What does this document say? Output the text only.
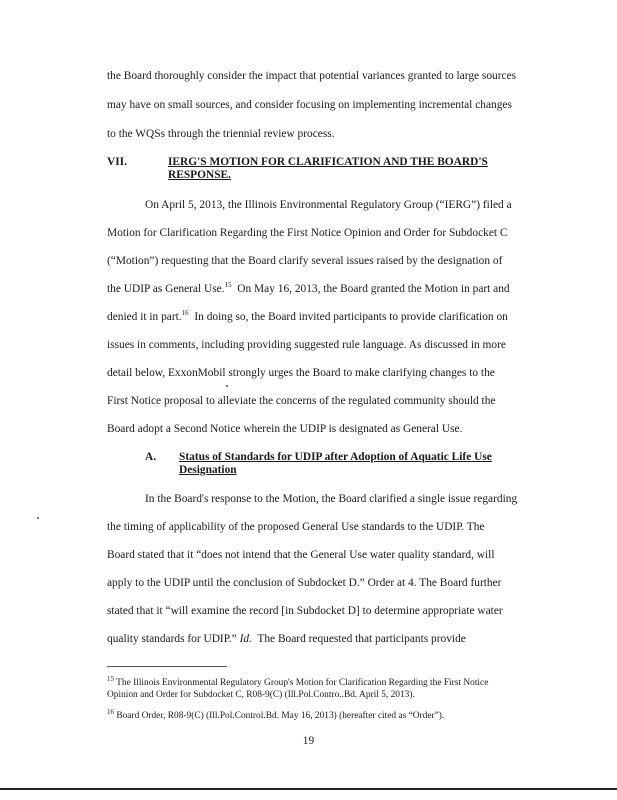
the Board thoroughly consider the impact that potential variances granted to large sources
may have on small sources, and consider focusing on implementing incremental changes
to the WQSs through the triennial review process.
VII.	IERG'S MOTION FOR CLARIFICATION AND THE BOARD'S
RESPONSE.
On April 5, 2013, the Illinois Environmental Regulatory Group (“IERG”) filed a
Motion for Clarification Regarding the First Notice Opinion and Order for Subdocket C
(“Motion”) requesting that the Board clarify several issues raised by the designation of
the UDIP as General Use.$^{15}$  On May 16, 2013, the Board granted the Motion in part and
denied it in part.$^{16}$  In doing so, the Board invited participants to provide clarification on
issues in comments, including providing suggested rule language. As discussed in more
detail below, ExxonMobil strongly urges the Board to make clarifying changes to the
First Notice proposal to alleviate the concerns of the regulated community should the
Board adopt a Second Notice wherein the UDIP is designated as General Use.
A. Status of Standards for UDIP after Adoption of Aquatic Life Use
Designation
In the Board's response to the Motion, the Board clarified a single issue regarding
the timing of applicability of the proposed General Use standards to the UDIP. The
Board stated that it “does not intend that the General Use water quality standard, will
apply to the UDIP until the conclusion of Subdocket D.” Order at 4. The Board further
stated that it “will examine the record [in Subdocket D] to determine appropriate water
quality standards for UDIP.” Id.  The Board requested that participants provide
$^{15}$ The Illinois Environmental Regulatory Group's Motion for Clarification Regarding the First Notice
Opinion and Order for Subdocket C, R08-9(C) (Ill.Pol.Contro..Bd. April 5, 2013).
$^{16}$ Board Order, R08-9(C) (Ill.Pol.Control.Bd. May 16, 2013) (hereafter cited as “Order”).
19
